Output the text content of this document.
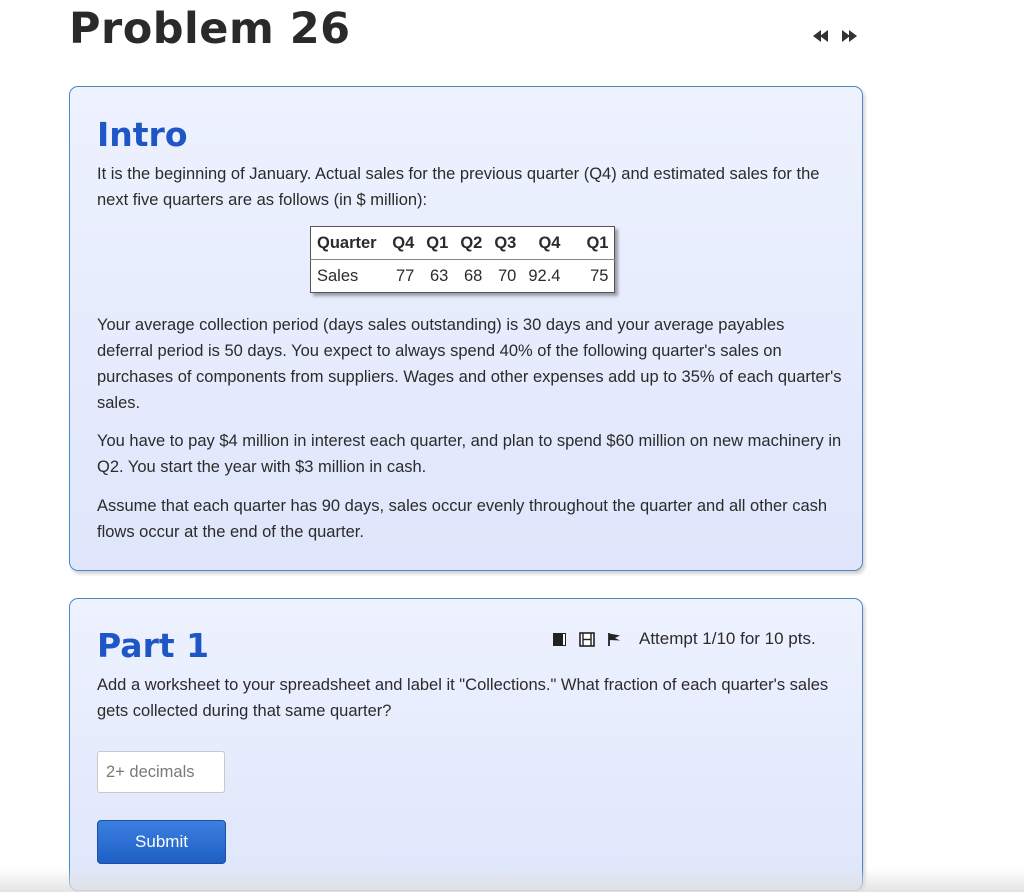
Problem 26
Intro

It is the beginning of January. Actual sales for the previous quarter (Q4) and estimated sales for the next five quarters are as follows (in $ million):

Quarter	Q4	Q1	Q2	Q3	Q4	Q1
Sales	77	63	68	70	92.4	75

Your average collection period (days sales outstanding) is 30 days and your average payables deferral period is 50 days. You expect to always spend 40% of the following quarter's sales on purchases of components from suppliers. Wages and other expenses add up to 35% of each quarter's sales.

You have to pay $4 million in interest each quarter, and plan to spend $60 million on new machinery in Q2. You start the year with $3 million in cash.

Assume that each quarter has 90 days, sales occur evenly throughout the quarter and all other cash flows occur at the end of the quarter.

Part 1	Attempt 1/10 for 10 pts.

Add a worksheet to your spreadsheet and label it "Collections." What fraction of each quarter's sales gets collected during that same quarter?

2+ decimals
Submit
